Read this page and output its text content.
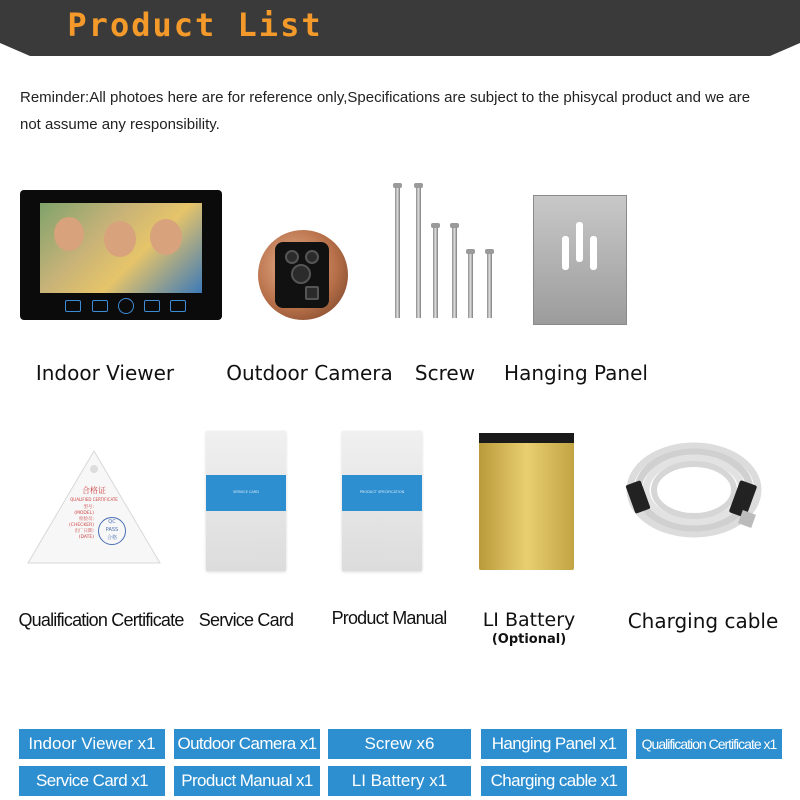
Product List
Reminder:All photoes here are for reference only,Specifications are subject to the phisycal product and we are
not assume any responsibility.
Indoor Viewer	Outdoor Camera Screw Hanging Panel
合格证
QUALIFIED CERTIFICATE
型号:
(MODEL)
检验员:
(CHECKER)
出厂日期:
(DATE)
QC
PASS
合格
SERVICE CARD	PRODUCT SPECIFICATION
Qualification Certificate Service Card	Product Manual	LI Battery
(Optional)
Charging cable
Indoor Viewer x1	Outdoor Camera x1	Screw x6	Hanging Panel x1	Qualification Certificate x1
Service Card x1	Product Manual x1	LI Battery x1	Charging cable x1
